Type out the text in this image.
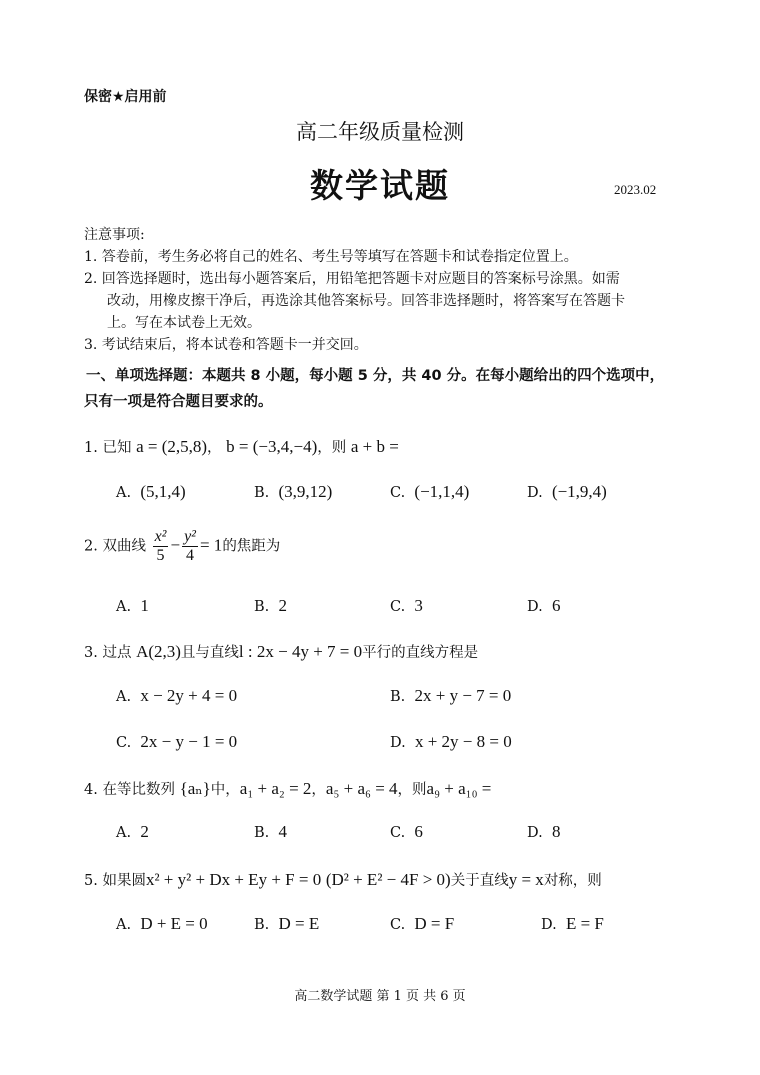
保密★启用前
高二年级质量检测
数学试题	2023.02
注意事项:
1. 答卷前，考生务必将自己的姓名、考生号等填写在答题卡和试卷指定位置上。
2. 回答选择题时，选出每小题答案后，用铅笔把答题卡对应题目的答案标号涂黑。如需
改动，用橡皮擦干净后，再选涂其他答案标号。回答非选择题时，将答案写在答题卡
上。写在本试卷上无效。
3. 考试结束后，将本试卷和答题卡一并交回。
一、单项选择题：本题共 8 小题，每小题 5 分，共 40 分。在每小题给出的四个选项中，
只有一项是符合题目要求的。
1. 已知 a = (2,5,8)， b = (−3,4,−4)，则 a + b =
A. (5,1,4)	B. (3,9,12)	C. (−1,1,4)	D. (−1,9,4)
2. 双曲线 $\frac{\text{x²}}{5} - \frac{\text{y²}}{4} = 1$的焦距为
A. 1	B. 2	C. 3	D. 6
3. 过点 A(2,3)且与直线l : 2x − 4y + 7 = 0平行的直线方程是
A. x − 2y + 4 = 0	B. 2x + y − 7 = 0
C. 2x − y − 1 = 0	D. x + 2y − 8 = 0
4. 在等比数列 {aₙ}中，a₁ + a₂ = 2，a₅ + a₆ = 4，则a₉ + a₁₀ =
A. 2	B. 4	C. 6	D. 8
5. 如果圆x² + y² + Dx + Ey + F = 0 (D² + E² − 4F > 0)关于直线y = x对称，则
A. D + E = 0	B. D = E	C. D = F	D. E = F
高二数学试题 第 1 页 共 6 页
